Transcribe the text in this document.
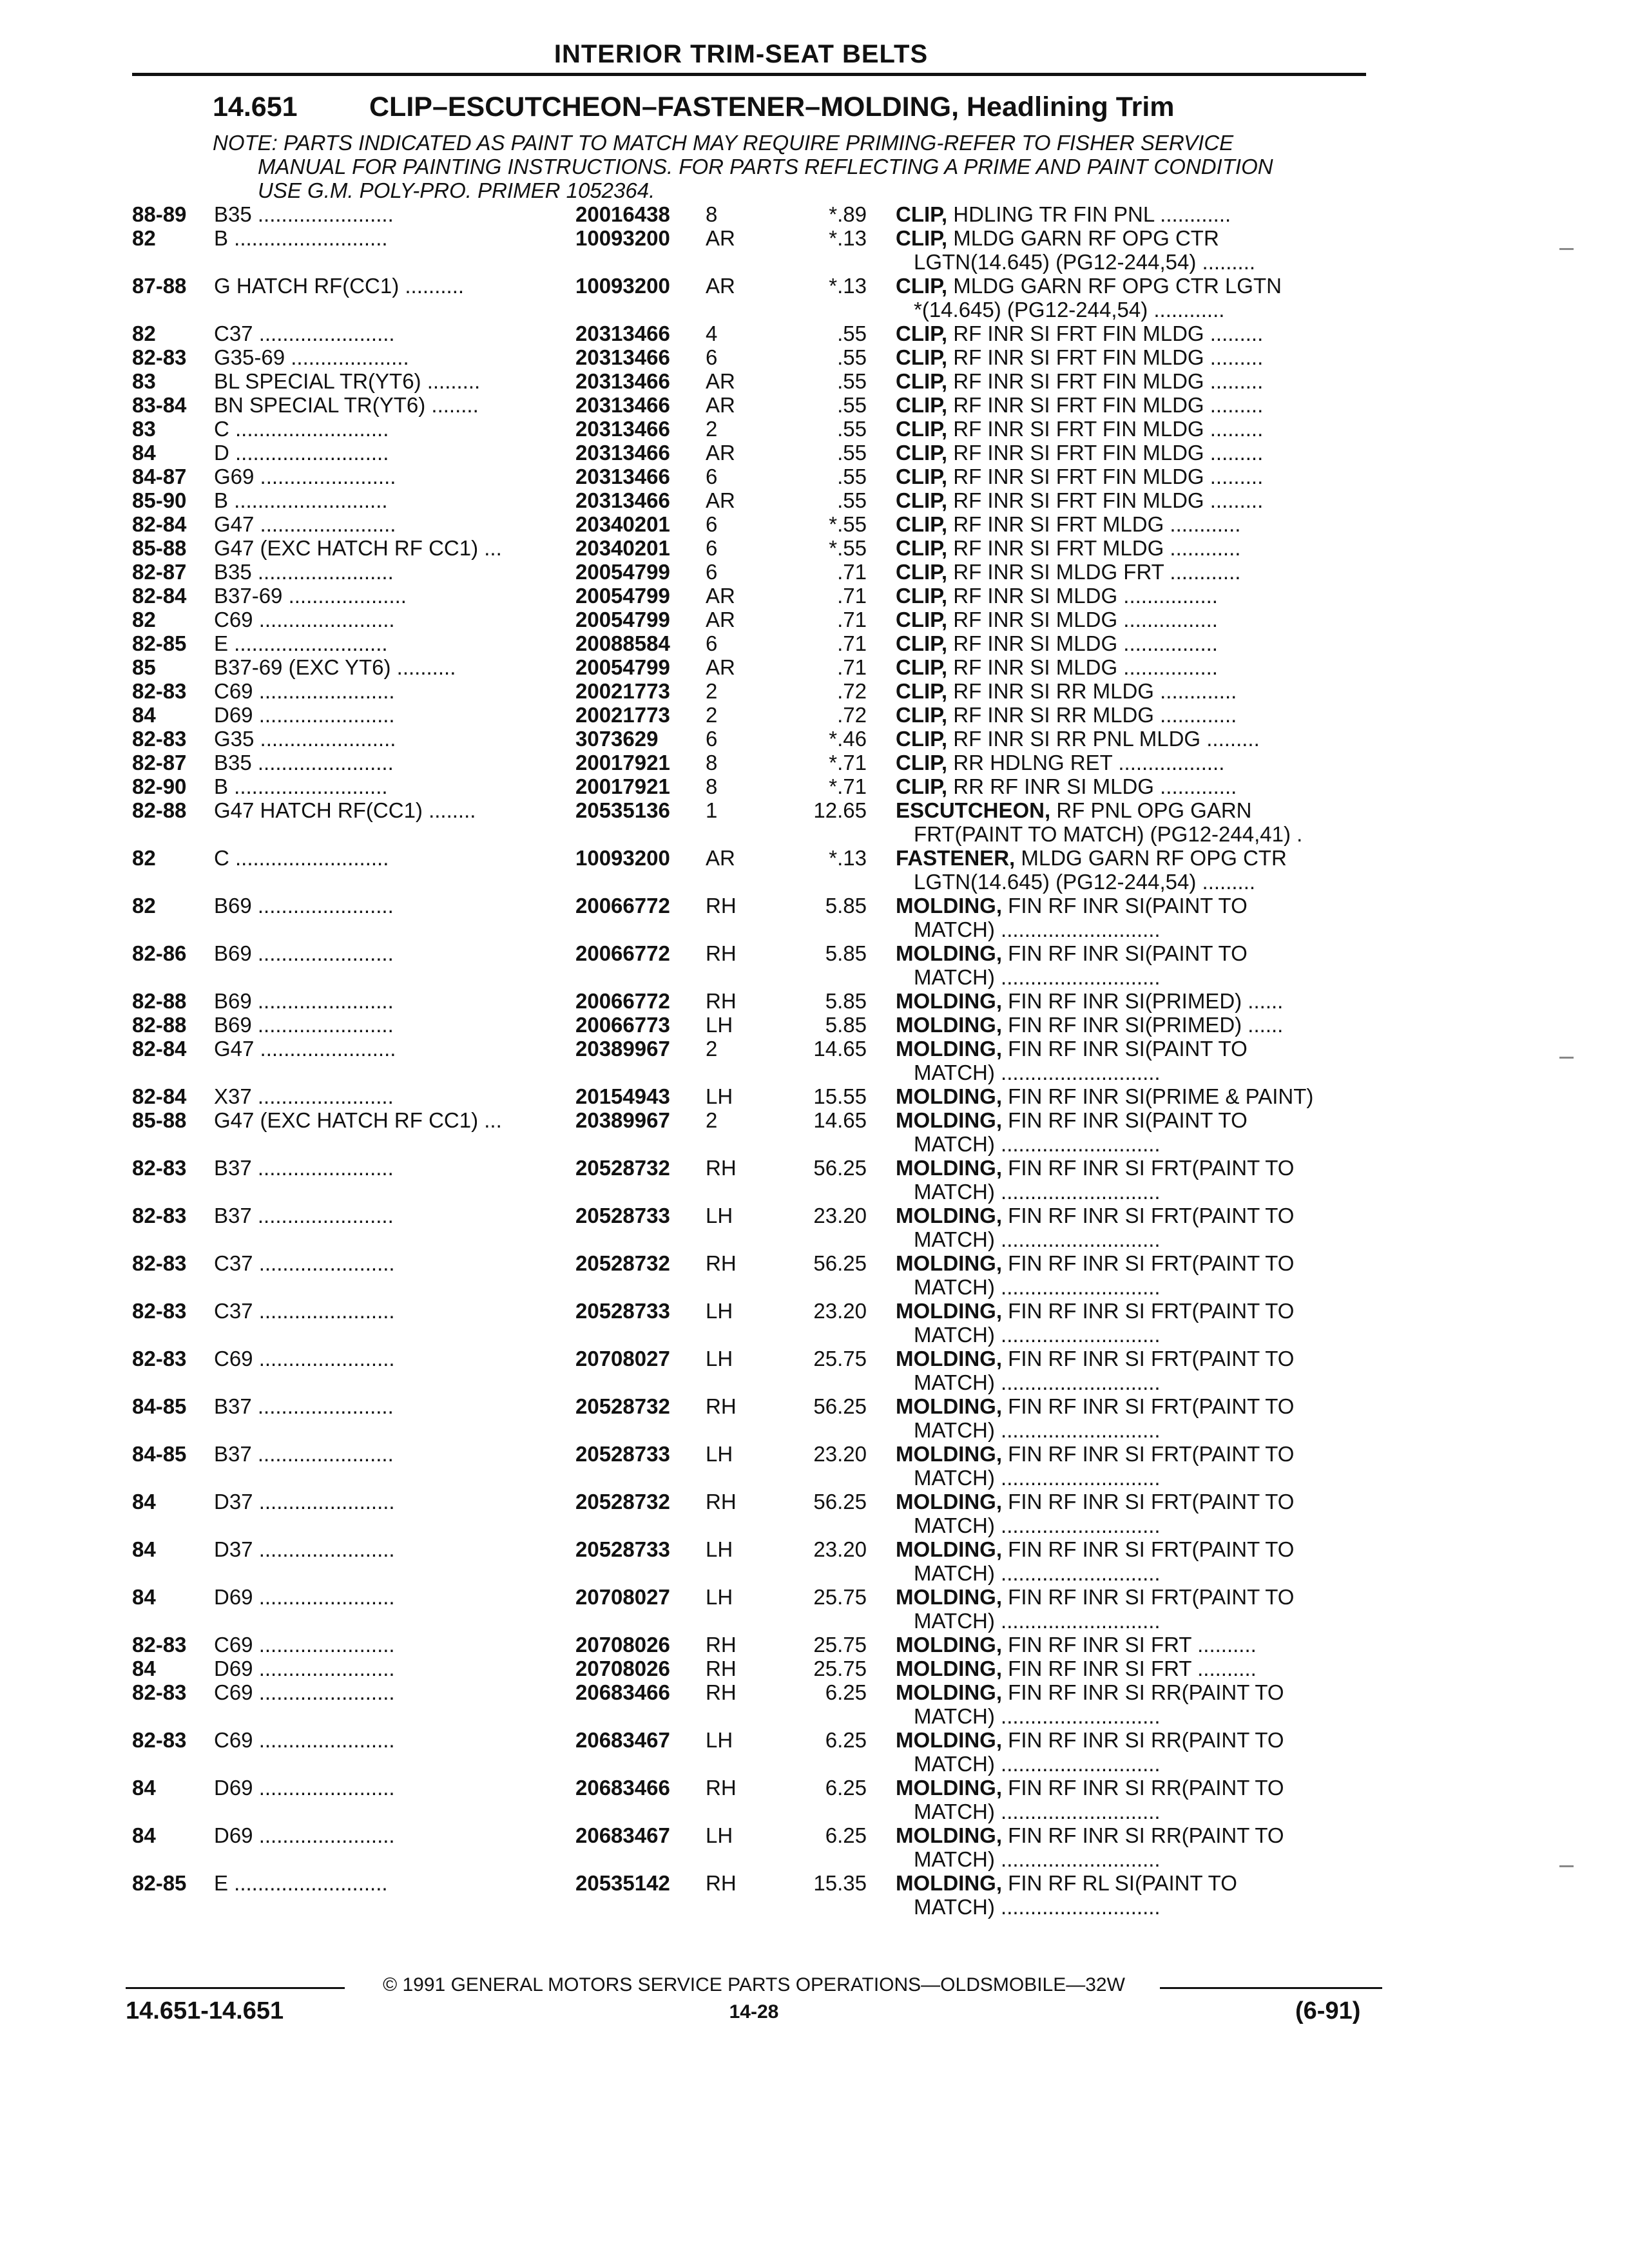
INTERIOR TRIM-SEAT BELTS
14.651	CLIP–ESCUTCHEON–FASTENER–MOLDING, Headlining Trim
NOTE: PARTS INDICATED AS PAINT TO MATCH MAY REQUIRE PRIMING-REFER TO FISHER SERVICE
MANUAL FOR PAINTING INSTRUCTIONS. FOR PARTS REFLECTING A PRIME AND PAINT CONDITION
USE G.M. POLY-PRO. PRIMER 1052364.
88-89 B35 .......................	20016438 8	*.89 CLIP, HDLING TR FIN PNL ............
82	B ..........................	10093200 AR	*.13 CLIP, MLDG GARN RF OPG CTR
LGTN(14.645) (PG12-244,54) .........
87-88 G HATCH RF(CC1) ..........	10093200 AR	*.13 CLIP, MLDG GARN RF OPG CTR LGTN
*(14.645) (PG12-244,54) ............
82	C37 .......................	20313466 4	.55 CLIP, RF INR SI FRT FIN MLDG .........
82-83 G35-69 ....................	20313466 6	.55 CLIP, RF INR SI FRT FIN MLDG .........
83	BL SPECIAL TR(YT6) .........	20313466 AR	.55 CLIP, RF INR SI FRT FIN MLDG .........
83-84 BN SPECIAL TR(YT6) ........	20313466 AR	.55 CLIP, RF INR SI FRT FIN MLDG .........
83	C ..........................	20313466 2	.55 CLIP, RF INR SI FRT FIN MLDG .........
84	D ..........................	20313466 AR	.55 CLIP, RF INR SI FRT FIN MLDG .........
84-87 G69 .......................	20313466 6	.55 CLIP, RF INR SI FRT FIN MLDG .........
85-90 B ..........................	20313466 AR	.55 CLIP, RF INR SI FRT FIN MLDG .........
82-84 G47 .......................	20340201 6	*.55 CLIP, RF INR SI FRT MLDG ............
85-88 G47 (EXC HATCH RF CC1) ...	20340201 6	*.55 CLIP, RF INR SI FRT MLDG ............
82-87 B35 .......................	20054799 6	.71 CLIP, RF INR SI MLDG FRT ............
82-84 B37-69 ....................	20054799 AR	.71 CLIP, RF INR SI MLDG ................
82	C69 .......................	20054799 AR	.71 CLIP, RF INR SI MLDG ................
82-85 E ..........................	20088584 6	.71 CLIP, RF INR SI MLDG ................
85	B37-69 (EXC YT6) ..........	20054799 AR	.71 CLIP, RF INR SI MLDG ................
82-83 C69 .......................	20021773 2	.72 CLIP, RF INR SI RR MLDG .............
84	D69 .......................	20021773 2	.72 CLIP, RF INR SI RR MLDG .............
82-83 G35 .......................	3073629 6	*.46 CLIP, RF INR SI RR PNL MLDG .........
82-87 B35 .......................	20017921 8	*.71 CLIP, RR HDLNG RET ..................
82-90 B ..........................	20017921 8	*.71 CLIP, RR RF INR SI MLDG .............
82-88 G47 HATCH RF(CC1) ........	20535136 1	12.65 ESCUTCHEON, RF PNL OPG GARN
FRT(PAINT TO MATCH) (PG12-244,41) .
82	C ..........................	10093200 AR	*.13 FASTENER, MLDG GARN RF OPG CTR
LGTN(14.645) (PG12-244,54) .........
82	B69 .......................	20066772 RH	5.85 MOLDING, FIN RF INR SI(PAINT TO
MATCH) ...........................
82-86 B69 .......................	20066772 RH	5.85 MOLDING, FIN RF INR SI(PAINT TO
MATCH) ...........................
82-88 B69 .......................	20066772 RH	5.85 MOLDING, FIN RF INR SI(PRIMED) ......
82-88 B69 .......................	20066773 LH	5.85 MOLDING, FIN RF INR SI(PRIMED) ......
82-84 G47 .......................	20389967 2	14.65 MOLDING, FIN RF INR SI(PAINT TO
MATCH) ...........................
82-84 X37 .......................	20154943 LH	15.55 MOLDING, FIN RF INR SI(PRIME & PAINT)
85-88 G47 (EXC HATCH RF CC1) ...	20389967 2	14.65 MOLDING, FIN RF INR SI(PAINT TO
MATCH) ...........................
82-83 B37 .......................	20528732 RH	56.25 MOLDING, FIN RF INR SI FRT(PAINT TO
MATCH) ...........................
82-83 B37 .......................	20528733 LH	23.20 MOLDING, FIN RF INR SI FRT(PAINT TO
MATCH) ...........................
82-83 C37 .......................	20528732 RH	56.25 MOLDING, FIN RF INR SI FRT(PAINT TO
MATCH) ...........................
82-83 C37 .......................	20528733 LH	23.20 MOLDING, FIN RF INR SI FRT(PAINT TO
MATCH) ...........................
82-83 C69 .......................	20708027 LH	25.75 MOLDING, FIN RF INR SI FRT(PAINT TO
MATCH) ...........................
84-85 B37 .......................	20528732 RH	56.25 MOLDING, FIN RF INR SI FRT(PAINT TO
MATCH) ...........................
84-85 B37 .......................	20528733 LH	23.20 MOLDING, FIN RF INR SI FRT(PAINT TO
MATCH) ...........................
84	D37 .......................	20528732 RH	56.25 MOLDING, FIN RF INR SI FRT(PAINT TO
MATCH) ...........................
84	D37 .......................	20528733 LH	23.20 MOLDING, FIN RF INR SI FRT(PAINT TO
MATCH) ...........................
84	D69 .......................	20708027 LH	25.75 MOLDING, FIN RF INR SI FRT(PAINT TO
MATCH) ...........................
82-83 C69 .......................	20708026 RH	25.75 MOLDING, FIN RF INR SI FRT ..........
84	D69 .......................	20708026 RH	25.75 MOLDING, FIN RF INR SI FRT ..........
82-83 C69 .......................	20683466 RH	6.25 MOLDING, FIN RF INR SI RR(PAINT TO
MATCH) ...........................
82-83 C69 .......................	20683467 LH	6.25 MOLDING, FIN RF INR SI RR(PAINT TO
MATCH) ...........................
84	D69 .......................	20683466 RH	6.25 MOLDING, FIN RF INR SI RR(PAINT TO
MATCH) ...........................
84	D69 .......................	20683467 LH	6.25 MOLDING, FIN RF INR SI RR(PAINT TO
MATCH) ...........................
82-85 E ..........................	20535142 RH	15.35 MOLDING, FIN RF RL SI(PAINT TO
MATCH) ...........................
© 1991 GENERAL MOTORS SERVICE PARTS OPERATIONS—OLDSMOBILE—32W
14.651-14.651	14-28	(6-91)
